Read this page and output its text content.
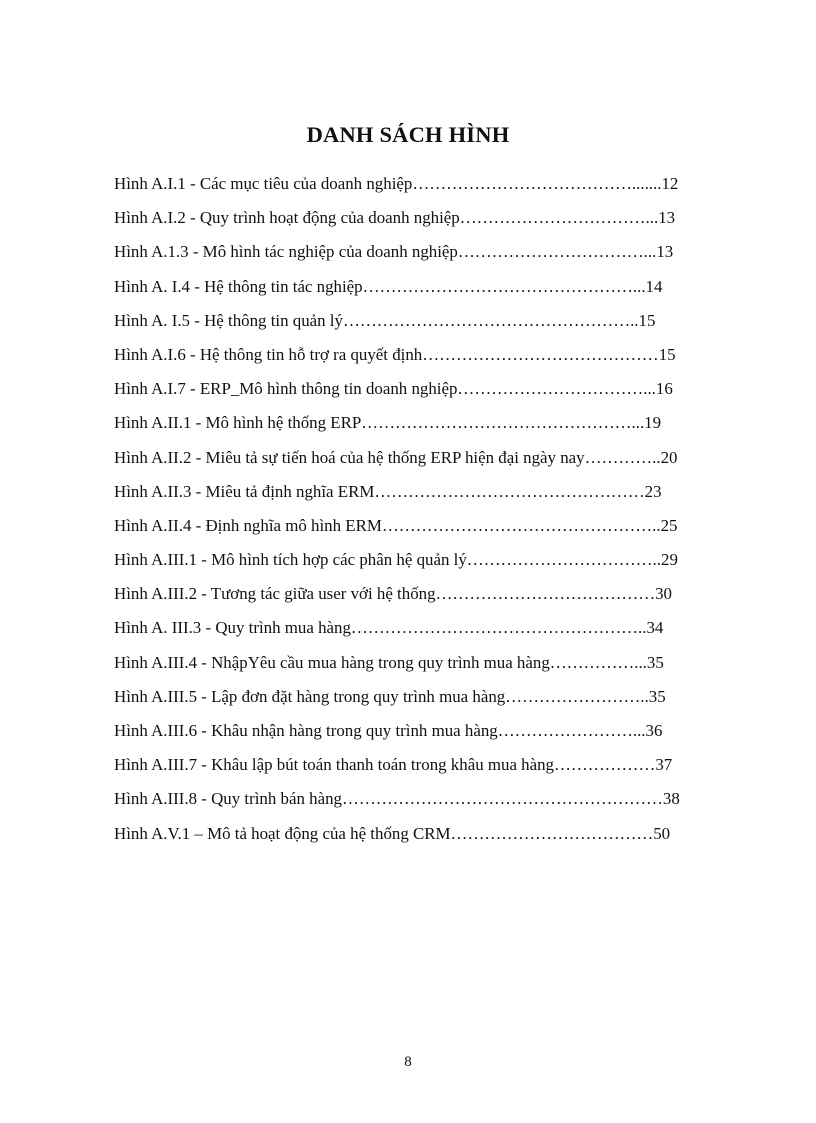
DANH SÁCH HÌNH
Hình A.I.1 - Các mục tiêu của doanh nghiệp………………………………….......12
Hình A.I.2 - Quy trình hoạt động của doanh nghiệp……………………………...13
Hình A.1.3 - Mô hình tác nghiệp của doanh nghiệp……………………………...13
Hình A. I.4 - Hệ thông tin tác nghiệp…………………………………………...14
Hình A. I.5 - Hệ thông tin quản lý……………………………………………..15
Hình A.I.6 - Hệ thông tin hỗ trợ ra quyết định……………………………………15
Hình A.I.7 - ERP_Mô hình thông tin doanh nghiệp……………………………...16
Hình A.II.1 - Mô hình hệ thống ERP…………………………………………...19
Hình A.II.2 - Miêu tả sự tiến hoá của hệ thống ERP hiện đại ngày nay…………..20
Hình A.II.3 - Miêu tả định nghĩa ERM…………………………………………23
Hình A.II.4 - Định nghĩa mô hình ERM…………………………………………..25
Hình A.III.1 - Mô hình tích hợp các phân hệ quản lý……………………………..29
Hình A.III.2 - Tương tác giữa user với hệ thống…………………………………30
Hình A. III.3 - Quy trình mua hàng……………………………………………..34
Hình A.III.4 - NhậpYêu cầu mua hàng trong quy trình mua hàng……………...35
Hình A.III.5 - Lập đơn đặt hàng trong quy trình mua hàng……………………..35
Hình A.III.6 - Khâu nhận hàng trong quy trình mua hàng……………………...36
Hình A.III.7 - Khâu lập bút toán thanh toán trong khâu mua hàng………………37
Hình A.III.8 - Quy trình bán hàng…………………………………………………38
Hình A.V.1 – Mô tả hoạt động của hệ thống CRM………………………………50
8
